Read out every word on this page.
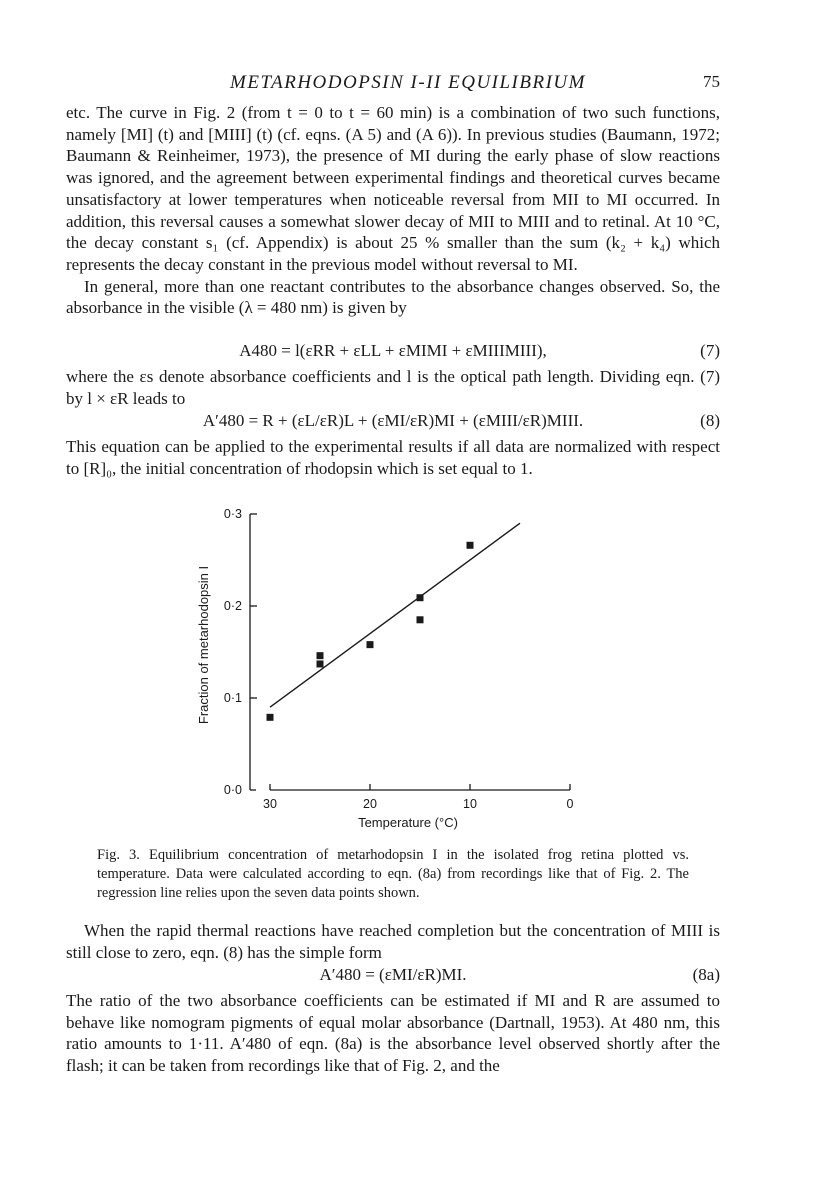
METARHODOPSIN I-II EQUILIBRIUM	75

etc. The curve in Fig. 2 (from t = 0 to t = 60 min) is a combination of two such functions, namely [MI] (t) and [MIII] (t) (cf. eqns. (A 5) and (A 6)). In previous studies (Baumann, 1972; Baumann & Reinheimer, 1973), the presence of MI during the early phase of slow reactions was ignored, and the agreement between experimental findings and theoretical curves became unsatisfactory at lower temperatures when noticeable reversal from MII to MI occurred. In addition, this reversal causes a somewhat slower decay of MII to MIII and to retinal. At 10 °C, the decay constant s₁ (cf. Appendix) is about 25 % smaller than the sum (k₂ + k₄) which represents the decay constant in the previous model without reversal to MI.

In general, more than one reactant contributes to the absorbance changes observed. So, the absorbance in the visible (λ = 480 nm) is given by

A480 = l(εRR + εLL + εMIMI + εMIIIMIII),	(7)

where the εs denote absorbance coefficients and l is the optical path length. Dividing eqn. (7) by l × εR leads to

A′480 = R + (εL/εR)L + (εMI/εR)MI + (εMIII/εR)MIII.	(8)

This equation can be applied to the experimental results if all data are normalized with respect to [R]₀, the initial concentration of rhodopsin which is set equal to 1.

0·0
0·1
0·2
0·3
30	20	10	0
Temperature (°C)
Fraction of metarhodopsin I
Fig. 3. Equilibrium concentration of metarhodopsin I in the isolated frog retina plotted vs. temperature. Data were calculated according to eqn. (8a) from recordings like that of Fig. 2. The regression line relies upon the seven data points shown.

When the rapid thermal reactions have reached completion but the concentration of MIII is still close to zero, eqn. (8) has the simple form

A′480 = (εMI/εR)MI.	(8a)

The ratio of the two absorbance coefficients can be estimated if MI and R are assumed to behave like nomogram pigments of equal molar absorbance (Dartnall, 1953). At 480 nm, this ratio amounts to 1·11. A′480 of eqn. (8a) is the absorbance level observed shortly after the flash; it can be taken from recordings like that of Fig. 2, and the
